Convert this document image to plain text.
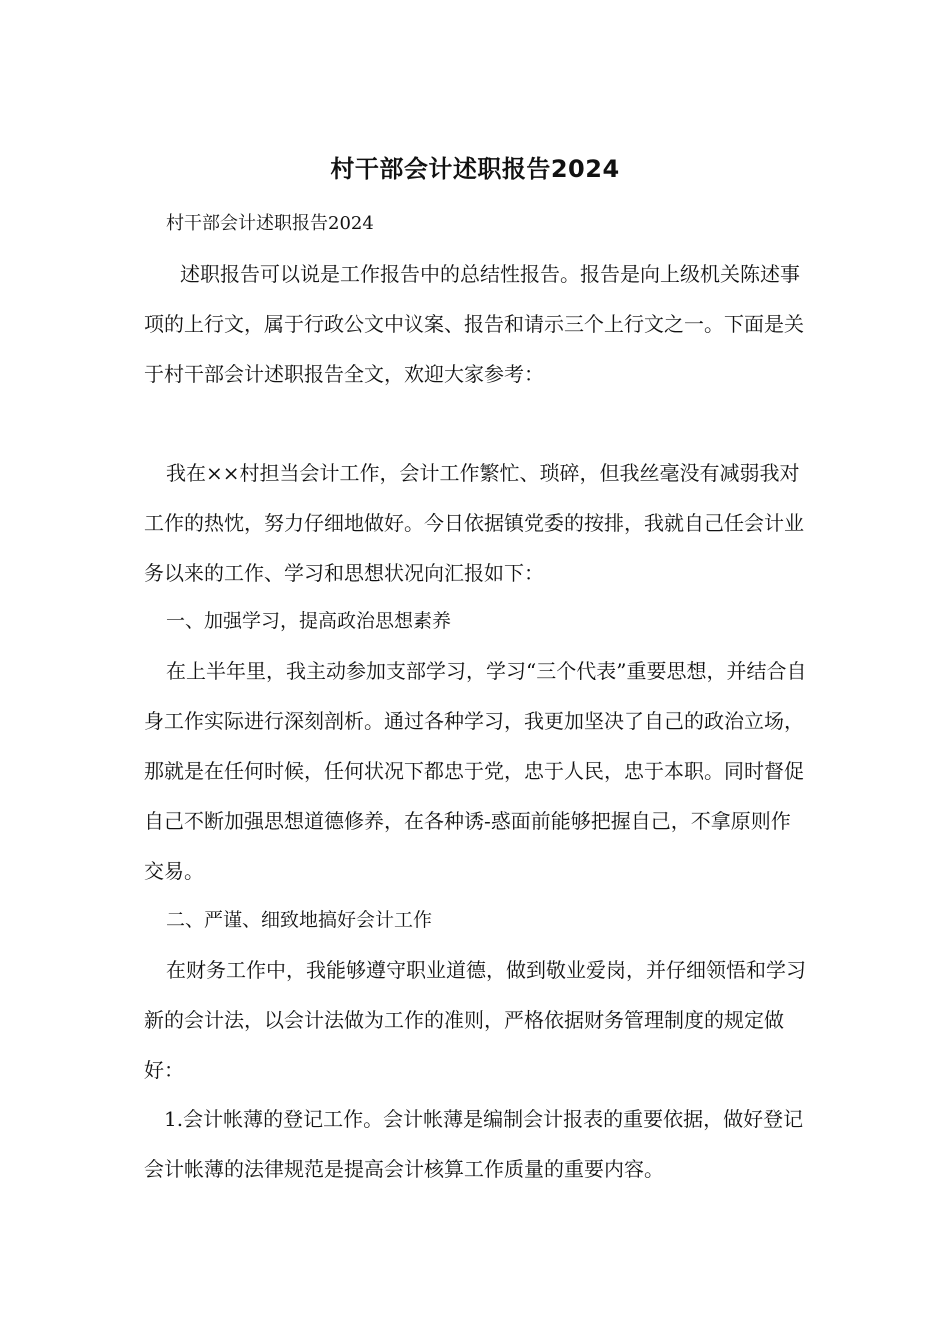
村干部会计述职报告2024
村干部会计述职报告2024

述职报告可以说是工作报告中的总结性报告。报告是向上级机关陈述事项的上行文，属于行政公文中议案、报告和请示三个上行文之一。下面是关于村干部会计述职报告全文，欢迎大家参考：

我在××村担当会计工作，会计工作繁忙、琐碎，但我丝毫没有减弱我对工作的热忱，努力仔细地做好。今日依据镇党委的按排，我就自己任会计业务以来的工作、学习和思想状况向汇报如下：

一、加强学习，提高政治思想素养

在上半年里，我主动参加支部学习，学习“三个代表”重要思想，并结合自身工作实际进行深刻剖析。通过各种学习，我更加坚决了自己的政治立场，那就是在任何时候，任何状况下都忠于党，忠于人民，忠于本职。同时督促自己不断加强思想道德修养，在各种诱-惑面前能够把握自己，不拿原则作交易。

二、严谨、细致地搞好会计工作

在财务工作中，我能够遵守职业道德，做到敬业爱岗，并仔细领悟和学习新的会计法，以会计法做为工作的准则，严格依据财务管理制度的规定做好：

1.会计帐薄的登记工作。会计帐薄是编制会计报表的重要依据，做好登记会计帐薄的法律规范是提高会计核算工作质量的重要内容。
